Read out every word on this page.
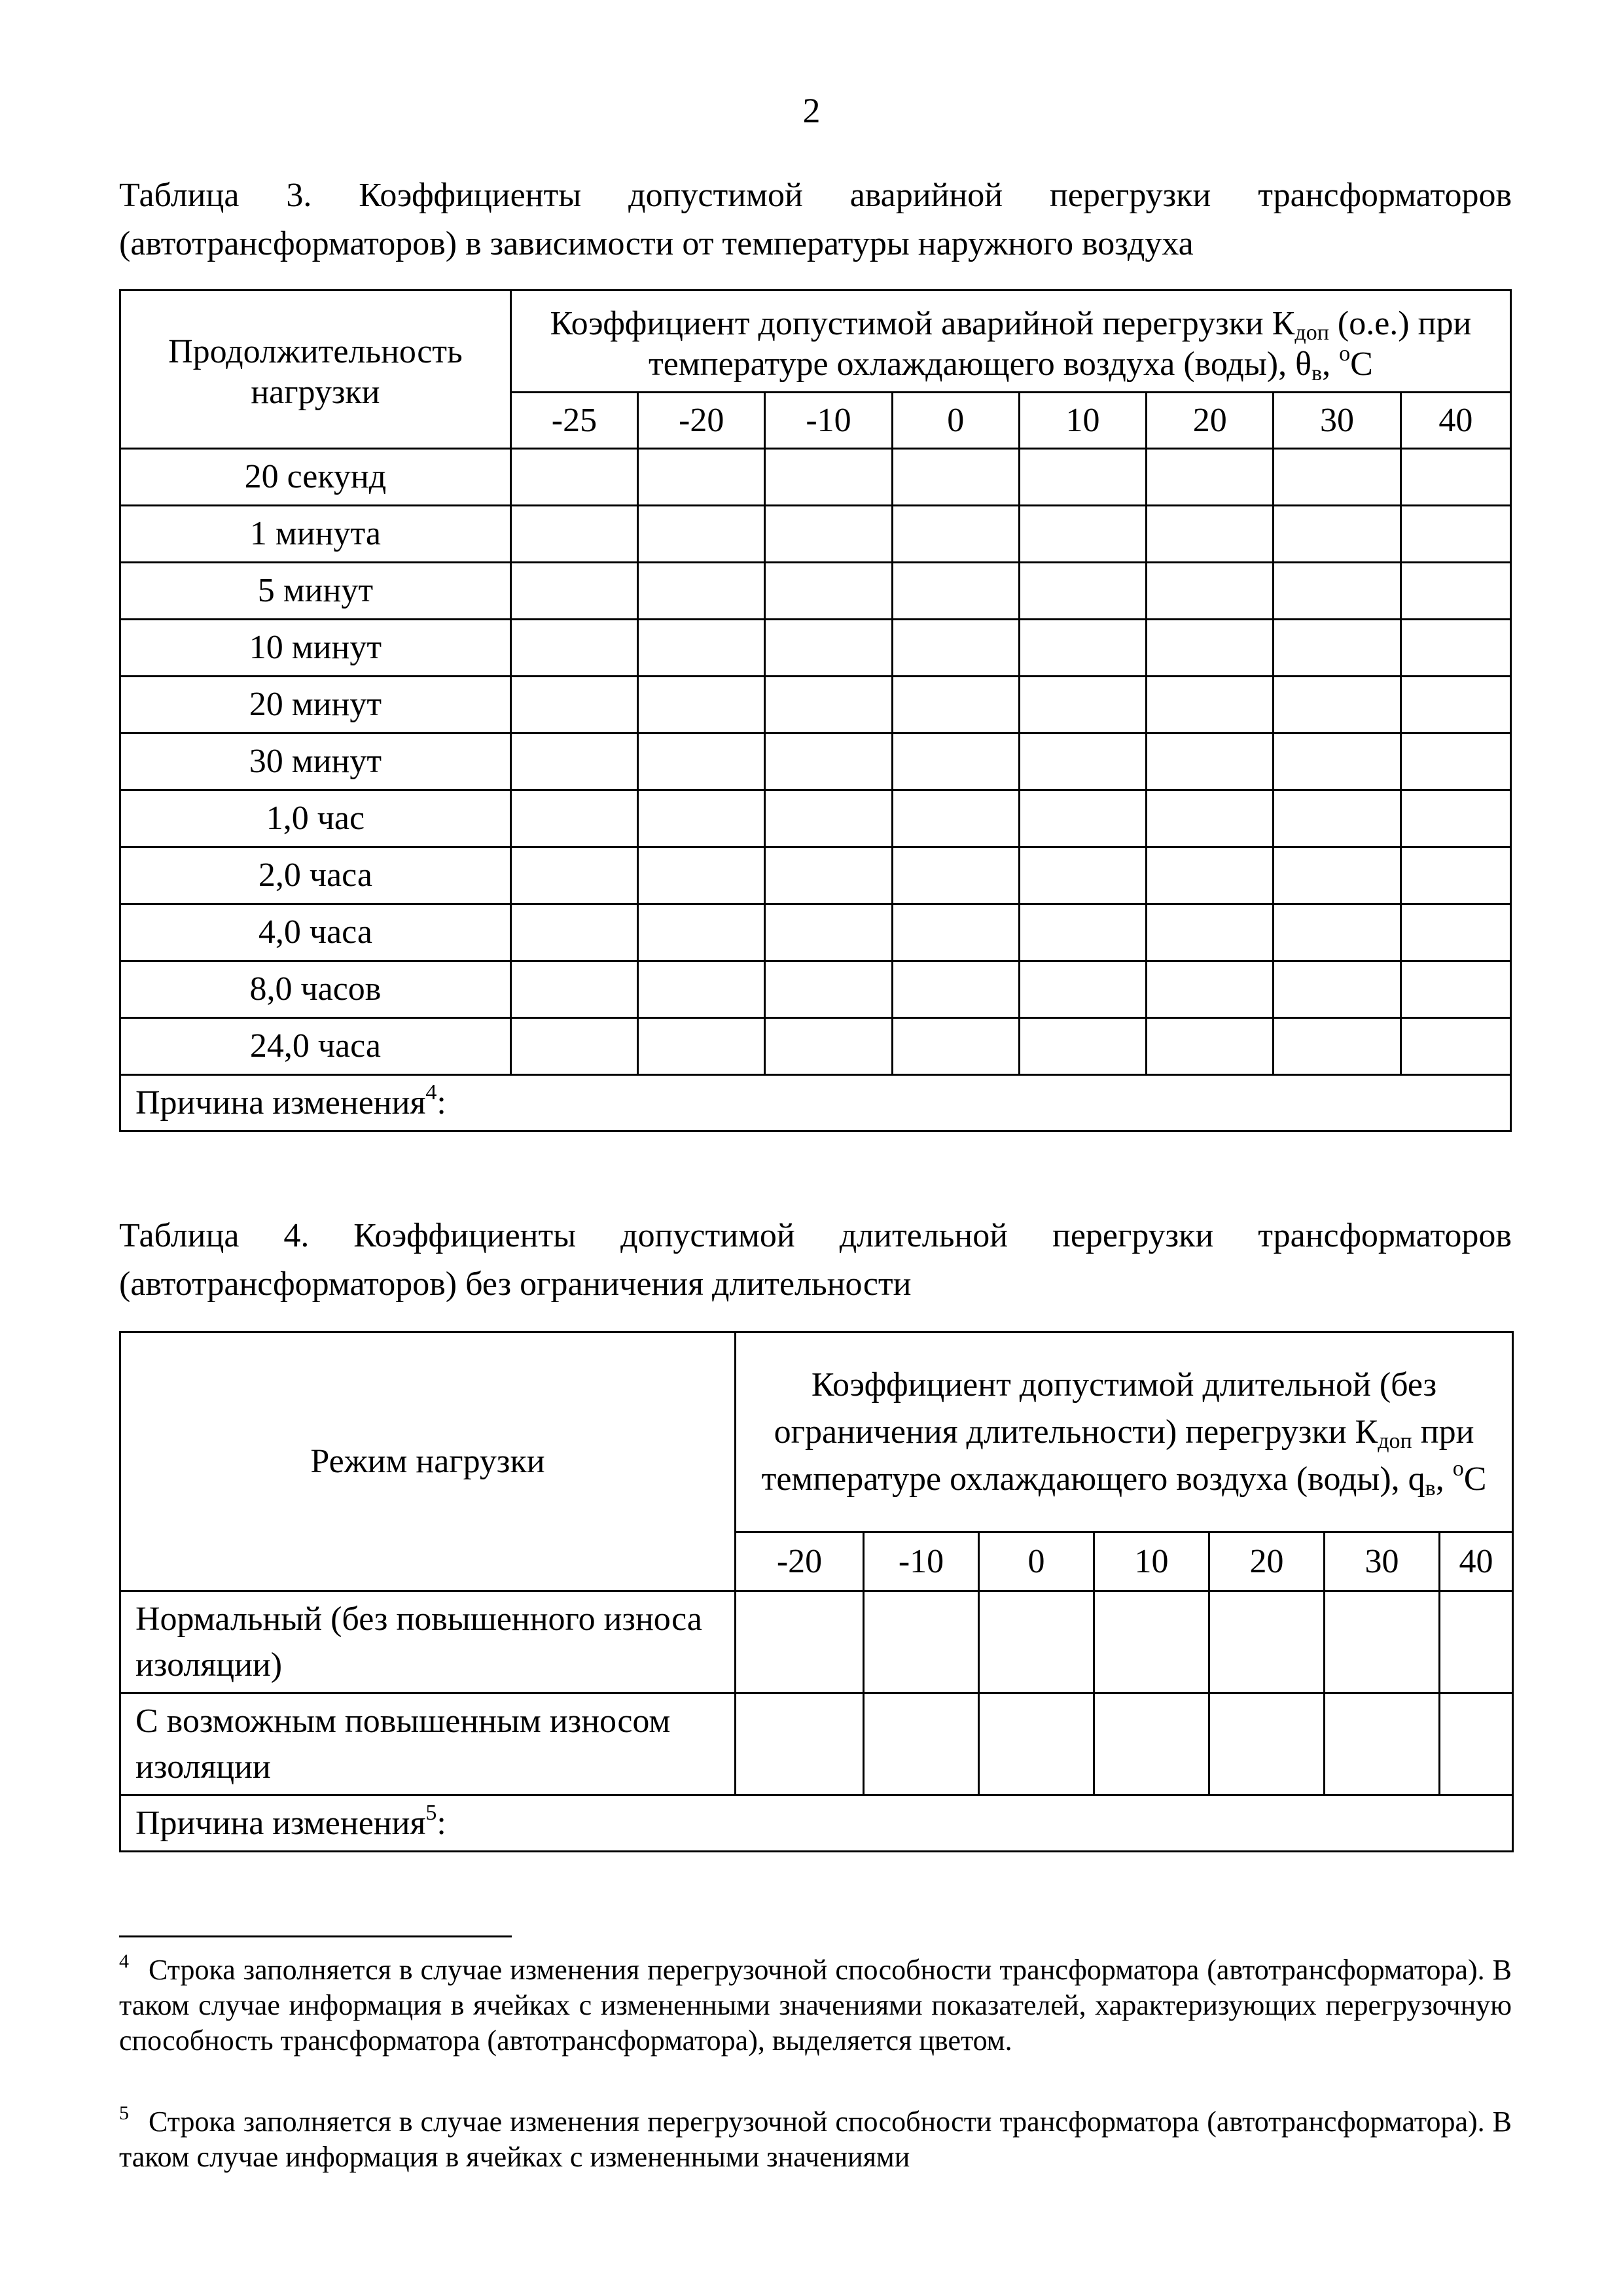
2
Таблица 3. Коэффициенты допустимой аварийной перегрузки трансформаторов (автотрансформаторов) в зависимости от температуры наружного воздуха
Продолжительность нагрузки	Коэффициент допустимой аварийной перегрузки $К_{доп}$ (о.е.) при температуре охлаждающего воздуха (воды), $\theta_в$, $^o$С							
	-25	-20	-10	0	10	20	30	40
20 секунд								
1 минута								
5 минут								
10 минут								
20 минут								
30 минут								
1,0 час								
2,0 часа								
4,0 часа								
8,0 часов								
24,0 часа								
Причина изменения$^4$:								
Таблица 4. Коэффициенты допустимой длительной перегрузки трансформаторов (автотрансформаторов) без ограничения длительности
Режим нагрузки	Коэффициент допустимой длительной (без ограничения длительности) перегрузки $К_{доп}$ при температуре охлаждающего воздуха (воды), $q_в$, $^o$С						
	-20	-10	0	10	20	30	40
Нормальный (без повышенного износа изоляции)							
С возможным повышенным износом изоляции							
Причина изменения$^5$:							
$^4$ Строка заполняется в случае изменения перегрузочной способности трансформатора (автотрансформатора). В таком случае информация в ячейках с измененными значениями показателей, характеризующих перегрузочную способность трансформатора (автотрансформатора), выделяется цветом.
$^5$ Строка заполняется в случае изменения перегрузочной способности трансформатора (автотрансформатора). В таком случае информация в ячейках с измененными значениями
